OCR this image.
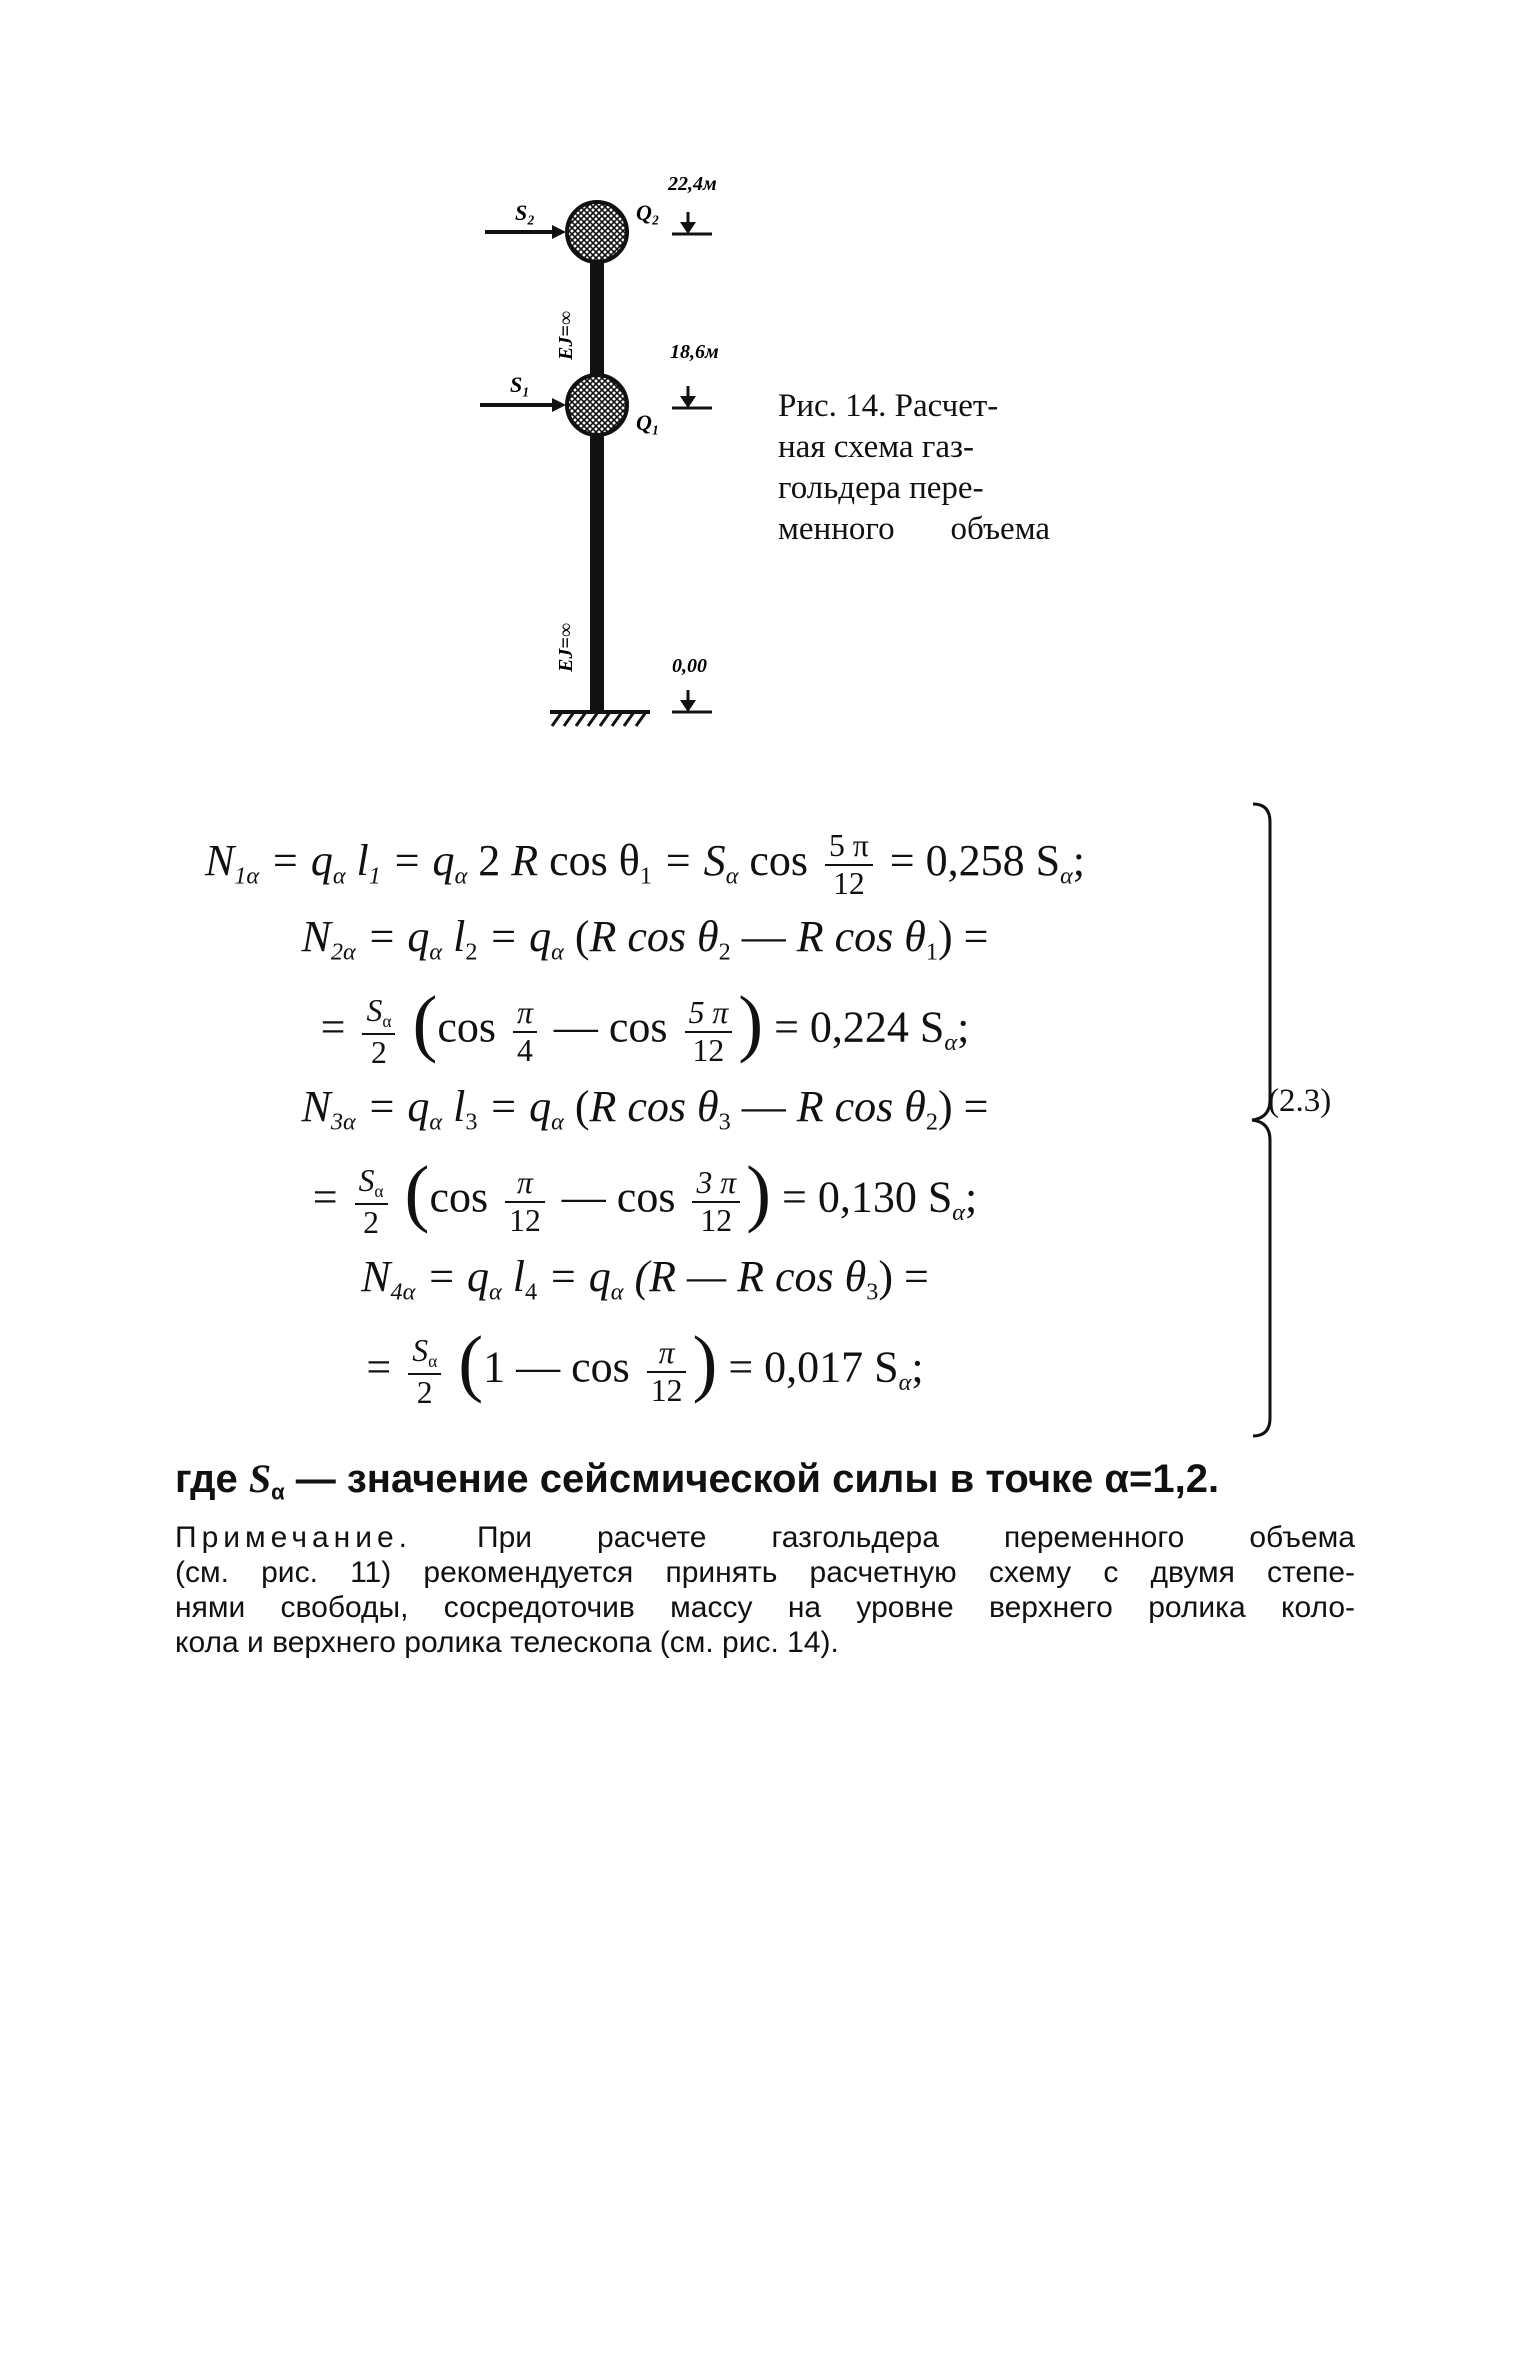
S₂
S₁
Q₂
Q₁
22,4м
18,6м
0,00
EJ=∞
EJ=∞
Рис. 14. Расчет-
ная схема газ-
гольдера пере-
менного объема
$N_{1\alpha} = q_\alpha$ $l_1 = q_\alpha$ 2 R $\cos \theta_1 = S_\alpha$ $\cos \frac{5 \pi}{12} = 0,258$ $S_\alpha$;
$N_{2\alpha} = q_\alpha$ $l_2 = q_\alpha$ (R $\cos \theta_2$ — R $\cos \theta_1$) =
= $\frac{S_\alpha}{2} (\cos \frac{\pi}{4}$ — $\cos \frac{5 \pi}{12}$ ) = 0,224 $S_\alpha$;
$N_{3\alpha} = q_\alpha$ $l_3 = q_\alpha$ (R $\cos \theta_3$ — R $\cos \theta_2$) =
= $\frac{S_\alpha}{2} (\cos \frac{\pi}{12}$ — $\cos \frac{3 \pi}{12}$ ) = 0,130 $S_\alpha$;
$N_{4\alpha} = q_\alpha$ $l_4 = q_\alpha$ (R — R $\cos \theta_3$) =
= $\frac{S_\alpha}{2} (1$ — $\cos \frac{\pi}{12}$ ) = 0,017 $S_\alpha$;
(2.3)
где $S_\alpha$ — значение сейсмической силы в точке α=1,2.
Примечание. При расчете газгольдера переменного объема
(см. рис. 11) рекомендуется принять расчетную схему с двумя степе-
нями свободы, сосредоточив массу на уровне верхнего ролика коло-
кола и верхнего ролика телескопа (см. рис. 14).
